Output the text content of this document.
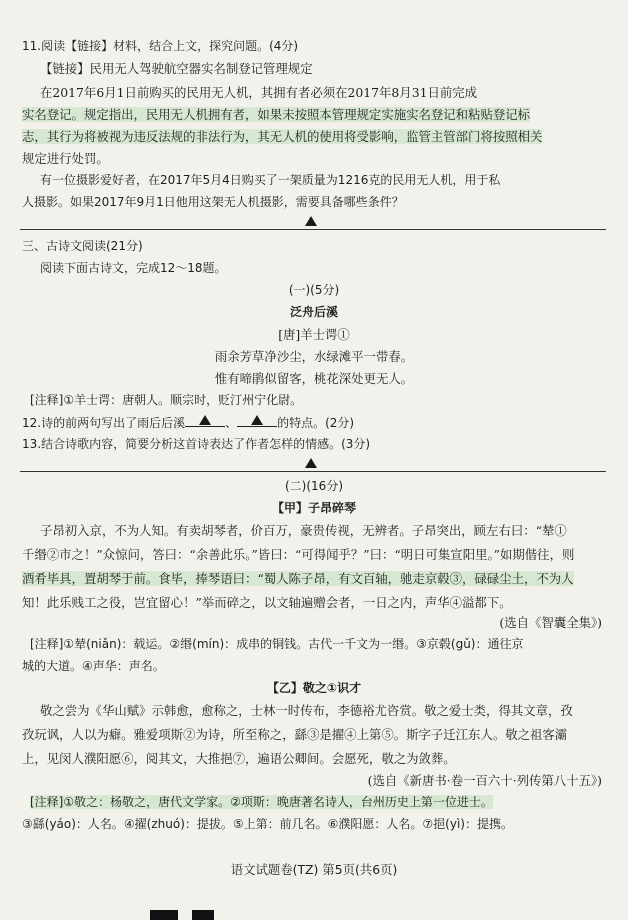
11.阅读【链接】材料，结合上文，探究问题。(4分)
【链接】民用无人驾驶航空器实名制登记管理规定
在2017年6月1日前购买的民用无人机，其拥有者必须在2017年8月31日前完成
实名登记。规定指出，民用无人机拥有者，如果未按照本管理规定实施实名登记和粘贴登记标
志，其行为将被视为违反法规的非法行为，其无人机的使用将受影响，监管主管部门将按照相关
规定进行处罚。
有一位摄影爱好者，在2017年5月4日购买了一架质量为1216克的民用无人机，用于私
人摄影。如果2017年9月1日他用这架无人机摄影，需要具备哪些条件？
三、古诗文阅读(21分)
阅读下面古诗文，完成12～18题。
(一)(5分)
泛舟后溪
[唐]羊士谔①
雨余芳草净沙尘，水绿滩平一带春。
惟有啼鹃似留客，桃花深处更无人。
[注释]①羊士谔：唐朝人。顺宗时，贬汀州宁化尉。
12.诗的前两句写出了雨后后溪	、	的特点。(2分)
13.结合诗歌内容，简要分析这首诗表达了作者怎样的情感。(3分)
(二)(16分)
【甲】子昂碎琴
子昂初入京，不为人知。有卖胡琴者，价百万，豪贵传视，无辨者。子昂突出，顾左右曰：“辇①
千缗②市之！”众惊问，答曰：“余善此乐。”皆曰：“可得闻乎？”曰：“明日可集宣阳里。”如期偕往，则
酒肴毕具，置胡琴于前。食毕，捧琴语曰：“蜀人陈子昂，有文百轴，驰走京毂③，碌碌尘土，不为人
知！此乐贱工之役，岂宜留心！”举而碎之，以文轴遍赠会者，一日之内，声华④溢都下。
(选自《智囊全集》)
[注释]①辇(niǎn)：载运。②缗(mín)：成串的铜钱。古代一千文为一缗。③京毂(gǔ)：通往京
城的大道。④声华：声名。
【乙】敬之①识才
敬之尝为《华山赋》示韩愈，愈称之，士林一时传布，李德裕尤咨赏。敬之爱士类，得其文章，孜
孜玩讽，人以为癖。雅爱项斯②为诗，所至称之，繇③是擢④上第⑤。斯字子迁江东人。敬之祖客灞
上，见闵人濮阳愿⑥，阅其文，大推挹⑦，遍语公卿间。会愿死，敬之为敛葬。
(选自《新唐书·卷一百六十·列传第八十五》)
[注释]①敬之：杨敬之，唐代文学家。②项斯：晚唐著名诗人，台州历史上第一位进士。
③繇(yáo)：人名。④擢(zhuó)：提拔。⑤上第：前几名。⑥濮阳愿：人名。⑦挹(yì)：提携。
语文试题卷(TZ) 第5页(共6页)
